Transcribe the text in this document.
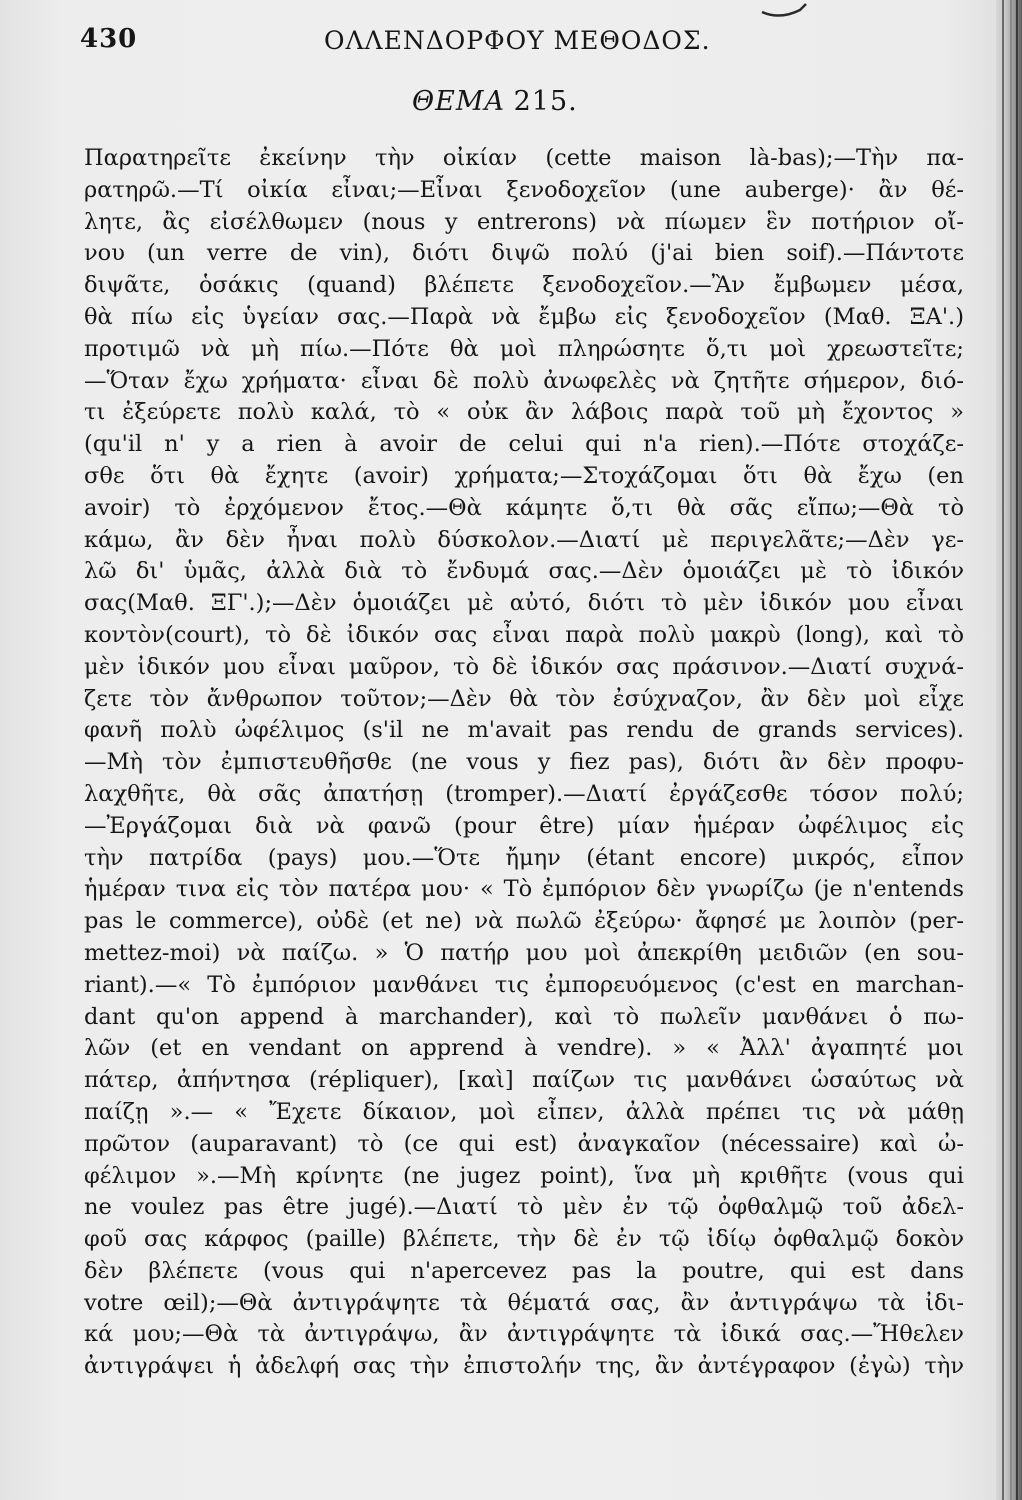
430	ΟΛΛΕΝΔΟΡΦΟΥ ΜΕΘΟΔΟΣ.
ΘΕΜΑ 215.
Παρατηρεῖτε ἐκείνην τὴν οἰκίαν (cette maison là-bas);—Τὴν πα-
ρατηρῶ.—Τί οἰκία εἶναι;—Εἶναι ξενοδοχεῖον (une auberge)· ἂν θέ-
λητε, ἂς εἰσέλθωμεν (nous y entrerons) νὰ πίωμεν ἓν ποτήριον οἴ-
νου (un verre de vin), διότι διψῶ πολύ (j'ai bien soif).—Πάντοτε
διψᾶτε, ὁσάκις (quand) βλέπετε ξενοδοχεῖον.—Ἂν ἔμβωμεν μέσα,
θὰ πίω εἰς ὑγείαν σας.—Παρὰ νὰ ἔμβω εἰς ξενοδοχεῖον (Μαθ. ΞΑ'.)
προτιμῶ νὰ μὴ πίω.—Πότε θὰ μοὶ πληρώσητε ὅ,τι μοὶ χρεωστεῖτε;
—Ὅταν ἔχω χρήματα· εἶναι δὲ πολὺ ἀνωφελὲς νὰ ζητῆτε σήμερον, διό-
τι ἐξεύρετε πολὺ καλά, τὸ « οὐκ ἂν λάβοις παρὰ τοῦ μὴ ἔχοντος »
(qu'il n' y a rien à avoir de celui qui n'a rien).—Πότε στοχάζε-
σθε ὅτι θὰ ἔχητε (avoir) χρήματα;—Στοχάζομαι ὅτι θὰ ἔχω (en
avoir) τὸ ἐρχόμενον ἔτος.—Θὰ κάμητε ὅ,τι θὰ σᾶς εἴπω;—Θὰ τὸ
κάμω, ἂν δὲν ἦναι πολὺ δύσκολον.—Διατί μὲ περιγελᾶτε;—Δὲν γε-
λῶ δι' ὑμᾶς, ἀλλὰ διὰ τὸ ἔνδυμά σας.—Δὲν ὁμοιάζει μὲ τὸ ἰδικόν
σας(Μαθ. ΞΓ'.);—Δὲν ὁμοιάζει μὲ αὐτό, διότι τὸ μὲν ἰδικόν μου εἶναι
κοντὸν(court), τὸ δὲ ἰδικόν σας εἶναι παρὰ πολὺ μακρὺ (long), καὶ τὸ
μὲν ἰδικόν μου εἶναι μαῦρον, τὸ δὲ ἰδικόν σας πράσινον.—Διατί συχνά-
ζετε τὸν ἄνθρωπον τοῦτον;—Δὲν θὰ τὸν ἐσύχναζον, ἂν δὲν μοὶ εἶχε
φανῆ πολὺ ὠφέλιμος (s'il ne m'avait pas rendu de grands services).
—Μὴ τὸν ἐμπιστευθῆσθε (ne vous y fiez pas), διότι ἂν δὲν προφυ-
λαχθῆτε, θὰ σᾶς ἀπατήσῃ (tromper).—Διατί ἐργάζεσθε τόσον πολύ;
—Ἐργάζομαι διὰ νὰ φανῶ (pour être) μίαν ἡμέραν ὠφέλιμος εἰς
τὴν πατρίδα (pays) μου.—Ὅτε ἤμην (étant encore) μικρός, εἶπον
ἡμέραν τινα εἰς τὸν πατέρα μου· « Τὸ ἐμπόριον δὲν γνωρίζω (je n'entends
pas le commerce), οὐδὲ (et ne) νὰ πωλῶ ἐξεύρω· ἄφησέ με λοιπὸν (per-
mettez-moi) νὰ παίζω. » Ὁ πατήρ μου μοὶ ἀπεκρίθη μειδιῶν (en sou-
riant).—« Τὸ ἐμπόριον μανθάνει τις ἐμπορευόμενος (c'est en marchan-
dant qu'on append à marchander), καὶ τὸ πωλεῖν μανθάνει ὁ πω-
λῶν (et en vendant on apprend à vendre). » « Ἀλλ' ἀγαπητέ μοι
πάτερ, ἀπήντησα (répliquer), [καὶ] παίζων τις μανθάνει ὡσαύτως νὰ
παίζῃ ».— « Ἔχετε δίκαιον, μοὶ εἶπεν, ἀλλὰ πρέπει τις νὰ μάθῃ
πρῶτον (auparavant) τὸ (ce qui est) ἀναγκαῖον (nécessaire) καὶ ὠ-
φέλιμον ».—Μὴ κρίνητε (ne jugez point), ἵνα μὴ κριθῆτε (vous qui
ne voulez pas être jugé).—Διατί τὸ μὲν ἐν τῷ ὀφθαλμῷ τοῦ ἀδελ-
φοῦ σας κάρφος (paille) βλέπετε, τὴν δὲ ἐν τῷ ἰδίῳ ὀφθαλμῷ δοκὸν
δὲν βλέπετε (vous qui n'apercevez pas la poutre, qui est dans
votre œil);—Θὰ ἀντιγράψητε τὰ θέματά σας, ἂν ἀντιγράψω τὰ ἰδι-
κά μου;—Θὰ τὰ ἀντιγράψω, ἂν ἀντιγράψητε τὰ ἰδικά σας.—Ἤθελεν
ἀντιγράψει ἡ ἀδελφή σας τὴν ἐπιστολήν της, ἂν ἀντέγραφον (ἐγὼ) τὴν
